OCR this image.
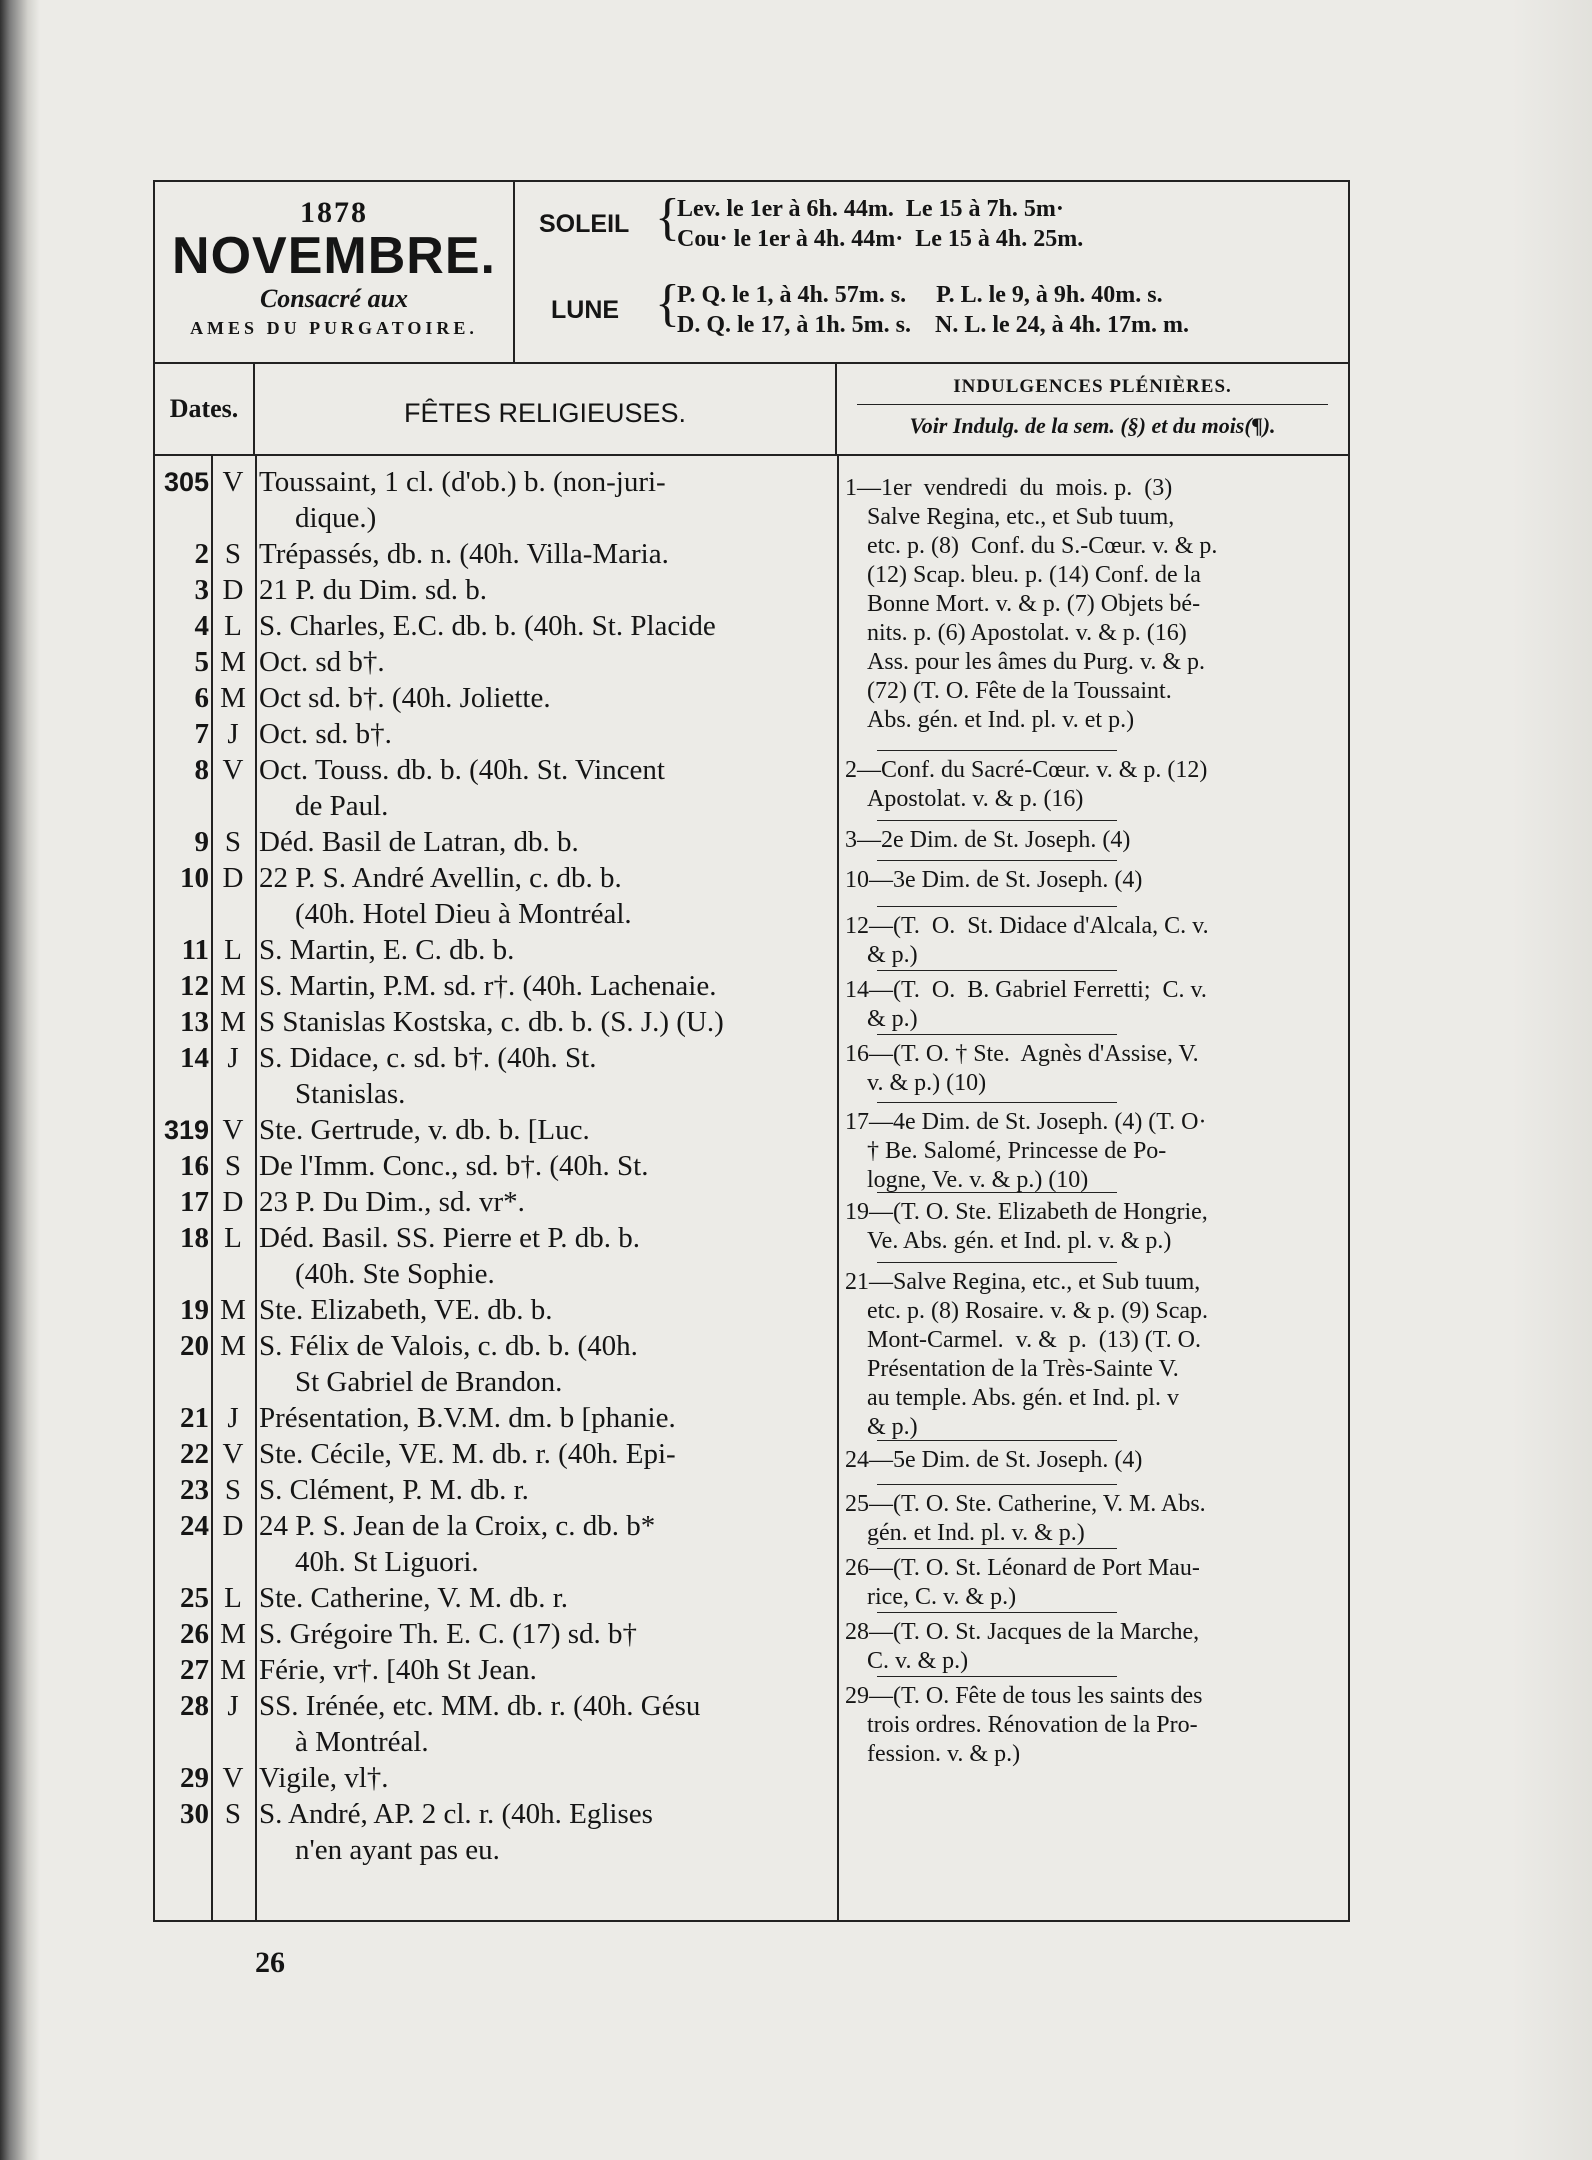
1878
NOVEMBRE.
Consacré aux
AMES DU PURGATOIRE.
SOLEIL {
Lev. le 1er à 6h. 44m.  Le 15 à 7h. 5m·
Cou· le 1er à 4h. 44m·  Le 15 à 4h. 25m.
LUNE {
P. Q. le 1, à 4h. 57m. s.     P. L. le 9, à 9h. 40m. s.
D. Q. le 17, à 1h. 5m. s.    N. L. le 24, à 4h. 17m. m.
Dates.	FÊTES RELIGIEUSES.
INDULGENCES PLÉNIÈRES.
Voir Indulg. de la sem. (§) et du mois(¶).
305 V Toussaint, 1 cl. (d'ob.) b. (non-juri-
dique.)
2 S Trépassés, db. n. (40h. Villa-Maria.
3 D 21 P. du Dim. sd. b.
4 L S. Charles, E.C. db. b. (40h. St. Placide
5 M Oct. sd b†.
6 M Oct sd. b†. (40h. Joliette.
7 J Oct. sd. b†.
8 V Oct. Touss. db. b. (40h. St. Vincent
de Paul.
9 S Déd. Basil de Latran, db. b.
10 D 22 P. S. André Avellin, c. db. b.
(40h. Hotel Dieu à Montréal.
11 L S. Martin, E. C. db. b.
12 M S. Martin, P.M. sd. r†. (40h. Lachenaie.
13 M S Stanislas Kostska, c. db. b. (S. J.) (U.)
14 J S. Didace, c. sd. b†. (40h. St.
Stanislas.
319 V Ste. Gertrude, v. db. b. [Luc.
16 S De l'Imm. Conc., sd. b†. (40h. St.
17 D 23 P. Du Dim., sd. vr*.
18 L Déd. Basil. SS. Pierre et P. db. b.
(40h. Ste Sophie.
19 M Ste. Elizabeth, VE. db. b.
20 M S. Félix de Valois, c. db. b. (40h.
St Gabriel de Brandon.
21 J Présentation, B.V.M. dm. b [phanie.
22 V Ste. Cécile, VE. M. db. r. (40h. Epi-
23 S S. Clément, P. M. db. r.
24 D 24 P. S. Jean de la Croix, c. db. b*
40h. St Liguori.
25 L Ste. Catherine, V. M. db. r.
26 M S. Grégoire Th. E. C. (17) sd. b†
27 M Férie, vr†. [40h St Jean.
28 J SS. Irénée, etc. MM. db. r. (40h. Gésu
à Montréal.
29 V Vigile, vl†.
30 S S. André, AP. 2 cl. r. (40h. Eglises
n'en ayant pas eu.
1—1er  vendredi  du  mois. p.  (3)
Salve Regina, etc., et Sub tuum,
etc. p. (8)  Conf. du S.-Cœur. v. & p.
(12) Scap. bleu. p. (14) Conf. de la
Bonne Mort. v. & p. (7) Objets bé-
nits. p. (6) Apostolat. v. & p. (16)
Ass. pour les âmes du Purg. v. & p.
(72) (T. O. Fête de la Toussaint.
Abs. gén. et Ind. pl. v. et p.)
2—Conf. du Sacré-Cœur. v. & p. (12)
Apostolat. v. & p. (16)
3—2e Dim. de St. Joseph. (4)
10—3e Dim. de St. Joseph. (4)
12—(T.  O.  St. Didace d'Alcala, C. v.
& p.)
14—(T.  O.  B. Gabriel Ferretti;  C. v.
& p.)
16—(T. O. † Ste.  Agnès d'Assise, V.
v. & p.) (10)
17—4e Dim. de St. Joseph. (4) (T. O·
† Be. Salomé, Princesse de Po-
logne, Ve. v. & p.) (10)
19—(T. O. Ste. Elizabeth de Hongrie,
Ve. Abs. gén. et Ind. pl. v. & p.)
21—Salve Regina, etc., et Sub tuum,
etc. p. (8) Rosaire. v. & p. (9) Scap.
Mont-Carmel.  v. &  p.  (13) (T. O.
Présentation de la Très-Sainte V.
au temple. Abs. gén. et Ind. pl. v
& p.)
24—5e Dim. de St. Joseph. (4)
25—(T. O. Ste. Catherine, V. M. Abs.
gén. et Ind. pl. v. & p.)
26—(T. O. St. Léonard de Port Mau-
rice, C. v. & p.)
28—(T. O. St. Jacques de la Marche,
C. v. & p.)
29—(T. O. Fête de tous les saints des
trois ordres. Rénovation de la Pro-
fession. v. & p.)
26
